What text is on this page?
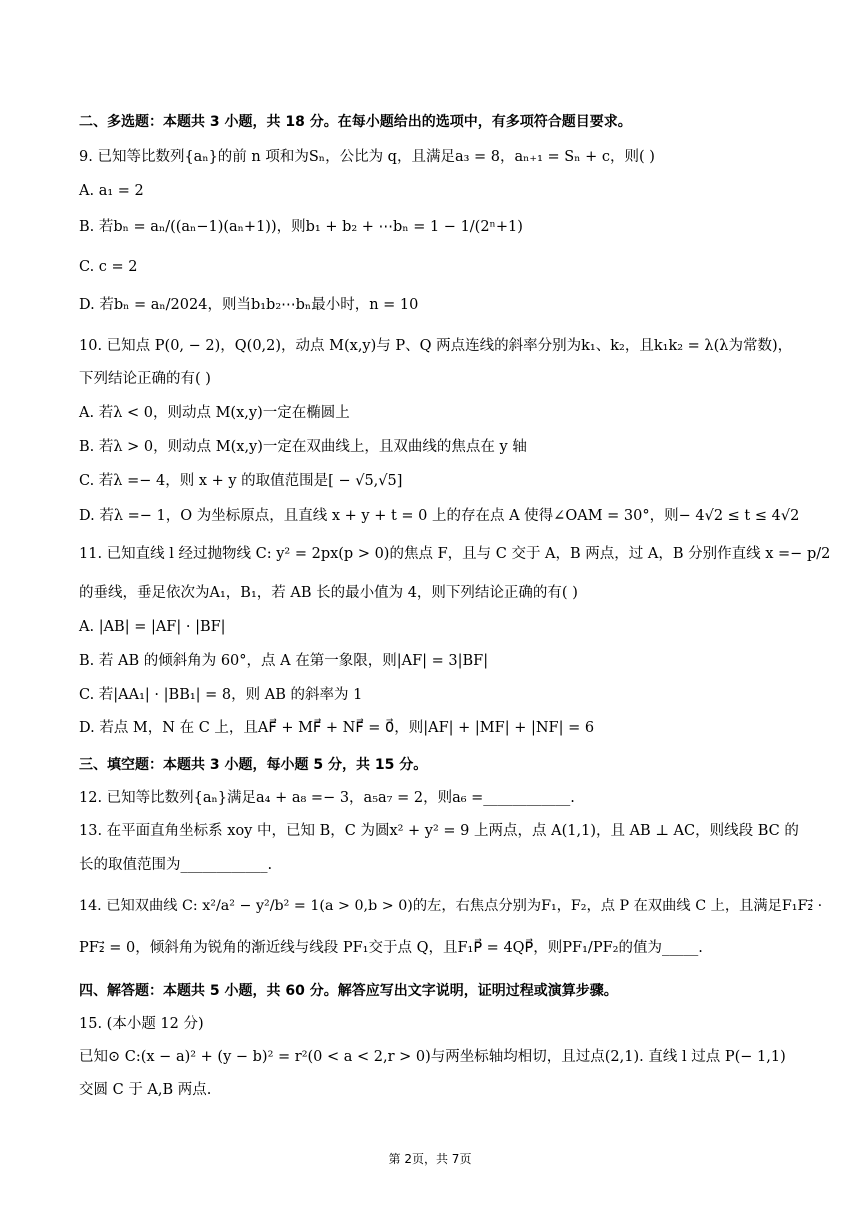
二、多选题：本题共 3 小题，共 18 分。在每小题给出的选项中，有多项符合题目要求。
9. 已知等比数列{aₙ}的前 n 项和为Sₙ，公比为 q，且满足a₃ = 8，aₙ₊₁ = Sₙ + c，则( )
A. a₁ = 2
B. 若bₙ = aₙ/((aₙ−1)(aₙ+1))，则b₁ + b₂ + ⋯bₙ = 1 − 1/(2ⁿ+1)
C. c = 2
D. 若bₙ = aₙ/2024，则当b₁b₂⋯bₙ最小时，n = 10
10. 已知点 P(0, − 2)，Q(0,2)，动点 M(x,y)与 P、Q 两点连线的斜率分别为k₁、k₂，且k₁k₂ = λ(λ为常数)，
下列结论正确的有( )
A. 若λ < 0，则动点 M(x,y)一定在椭圆上
B. 若λ > 0，则动点 M(x,y)一定在双曲线上，且双曲线的焦点在 y 轴
C. 若λ =− 4，则 x + y 的取值范围是[ − √5,√5]
D. 若λ =− 1，O 为坐标原点，且直线 x + y + t = 0 上的存在点 A 使得∠OAM = 30°，则− 4√2 ≤ t ≤ 4√2
11. 已知直线 l 经过抛物线 C: y² = 2px(p > 0)的焦点 F，且与 C 交于 A，B 两点，过 A，B 分别作直线 x =− p/2
的垂线，垂足依次为A₁，B₁，若 AB 长的最小值为 4，则下列结论正确的有( )
A. |AB| = |AF| · |BF|
B. 若 AB 的倾斜角为 60°，点 A 在第一象限，则|AF| = 3|BF|
C. 若|AA₁| · |BB₁| = 8，则 AB 的斜率为 1
D. 若点 M，N 在 C 上，且AF⃗ + MF⃗ + NF⃗ = 0⃗，则|AF| + |MF| + |NF| = 6
三、填空题：本题共 3 小题，每小题 5 分，共 15 分。
12. 已知等比数列{aₙ}满足a₄ + a₈ =− 3，a₅a₇ = 2，则a₆ =____________.
13. 在平面直角坐标系 xoy 中，已知 B，C 为圆x² + y² = 9 上两点，点 A(1,1)，且 AB ⊥ AC，则线段 BC 的
长的取值范围为____________.
14. 已知双曲线 C: x²/a² − y²/b² = 1(a > 0,b > 0)的左，右焦点分别为F₁，F₂，点 P 在双曲线 C 上，且满足F₁F₂⃗ ·
PF₂⃗ = 0，倾斜角为锐角的渐近线与线段 PF₁交于点 Q，且F₁P⃗ = 4QP⃗，则PF₁/PF₂的值为_____.
四、解答题：本题共 5 小题，共 60 分。解答应写出文字说明，证明过程或演算步骤。
15. (本小题 12 分)
已知⊙ C:(x − a)² + (y − b)² = r²(0 < a < 2,r > 0)与两坐标轴均相切，且过点(2,1). 直线 l 过点 P(− 1,1)
交圆 C 于 A,B 两点.
第 2页，共 7页
